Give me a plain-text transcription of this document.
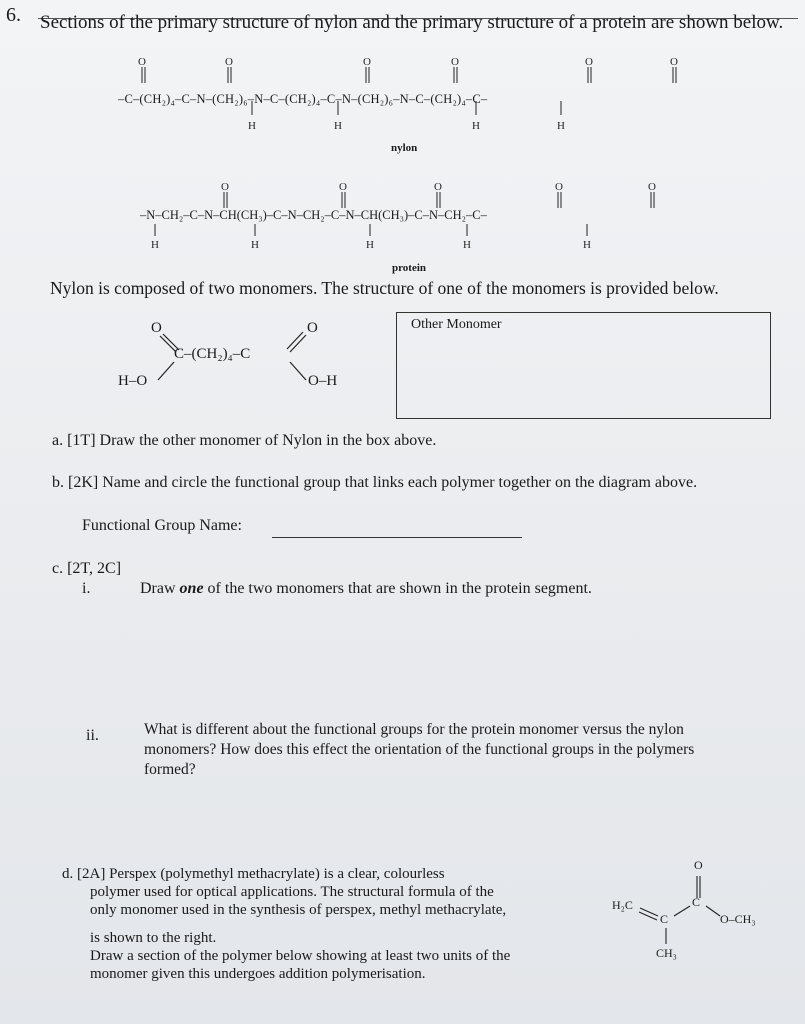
6. Sections of the primary structure of nylon and the primary structure of a protein are shown below.
O	O	O	O	O	O
H	H	H	H
–C–(CH₂)₄–C–N–(CH₂)₆–N–C–(CH₂)₄–C–N–(CH₂)₆–N–C–(CH₂)₄–C–
nylon
O	O	O	O	O
H	H	H	H	H
–N–CH₂–C–N–CH(CH₃)–C–N–CH₂–C–N–CH(CH₃)–C–N–CH₂–C–
protein
Nylon is composed of two monomers. The structure of one of the monomers is provided below.
O	O
C–(CH₂)₄–C
H–O	O–H
Other Monomer
a. [1T] Draw the other monomer of Nylon in the box above.
b. [2K] Name and circle the functional group that links each polymer together on the diagram above.
Functional Group Name:
c. [2T, 2C]
i.	Draw one of the two monomers that are shown in the protein segment.
ii.	What is different about the functional groups for the protein monomer versus the nylon
monomers? How does this effect the orientation of the functional groups in the polymers
formed?
d. [2A] Perspex (polymethyl methacrylate) is a clear, colourless
polymer used for optical applications. The structural formula of the
only monomer used in the synthesis of perspex, methyl methacrylate,
is shown to the right.
Draw a section of the polymer below showing at least two units of the
monomer given this undergoes addition polymerisation.
O
C
H₂C
C	O–CH₃
CH₃
